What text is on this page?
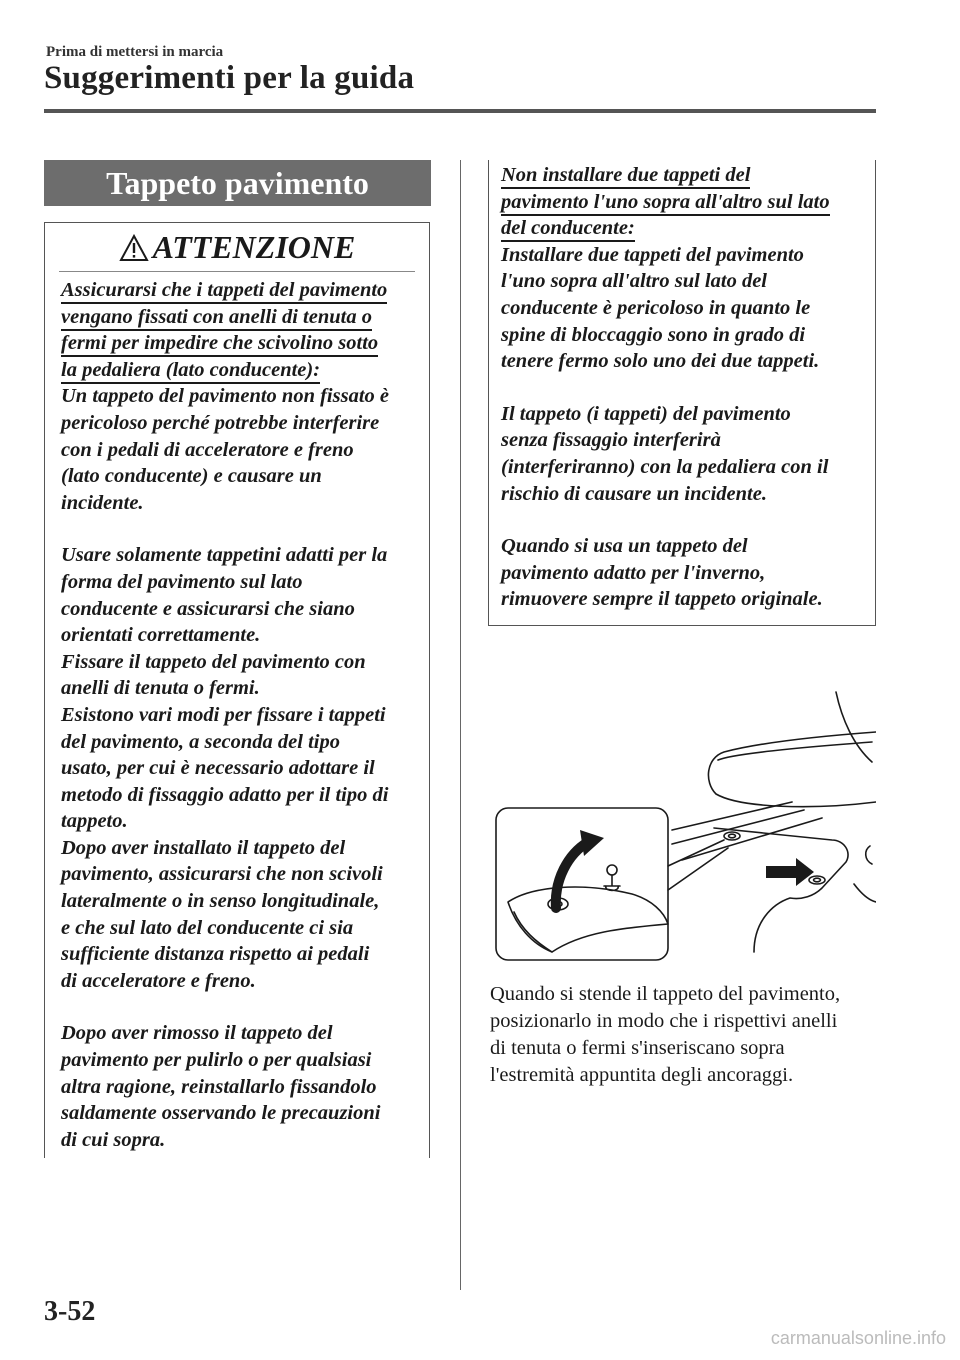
Prima di mettersi in marcia
Suggerimenti per la guida
Tappeto pavimento
ATTENZIONE

Assicurarsi che i tappeti del pavimento
vengano fissati con anelli di tenuta o
fermi per impedire che scivolino sotto
la pedaliera (lato conducente):
Un tappeto del pavimento non fissato è
pericoloso perché potrebbe interferire
con i pedali di acceleratore e freno
(lato conducente) e causare un
incidente.

Usare solamente tappetini adatti per la
forma del pavimento sul lato
conducente e assicurarsi che siano
orientati correttamente.
Fissare il tappeto del pavimento con
anelli di tenuta o fermi.
Esistono vari modi per fissare i tappeti
del pavimento, a seconda del tipo
usato, per cui è necessario adottare il
metodo di fissaggio adatto per il tipo di
tappeto.
Dopo aver installato il tappeto del
pavimento, assicurarsi che non scivoli
lateralmente o in senso longitudinale,
e che sul lato del conducente ci sia
sufficiente distanza rispetto ai pedali
di acceleratore e freno.

Dopo aver rimosso il tappeto del
pavimento per pulirlo o per qualsiasi
altra ragione, reinstallarlo fissandolo
saldamente osservando le precauzioni
di cui sopra.

Non installare due tappeti del
pavimento l'uno sopra all'altro sul lato
del conducente:
Installare due tappeti del pavimento
l'uno sopra all'altro sul lato del
conducente è pericoloso in quanto le
spine di bloccaggio sono in grado di
tenere fermo solo uno dei due tappeti.

Il tappeto (i tappeti) del pavimento
senza fissaggio interferirà
(interferiranno) con la pedaliera con il
rischio di causare un incidente.

Quando si usa un tappeto del
pavimento adatto per l'inverno,
rimuovere sempre il tappeto originale.

Quando si stende il tappeto del pavimento,
posizionarlo in modo che i rispettivi anelli
di tenuta o fermi s'inseriscano sopra
l'estremità appuntita degli ancoraggi.
3-52
carmanualsonline.info
